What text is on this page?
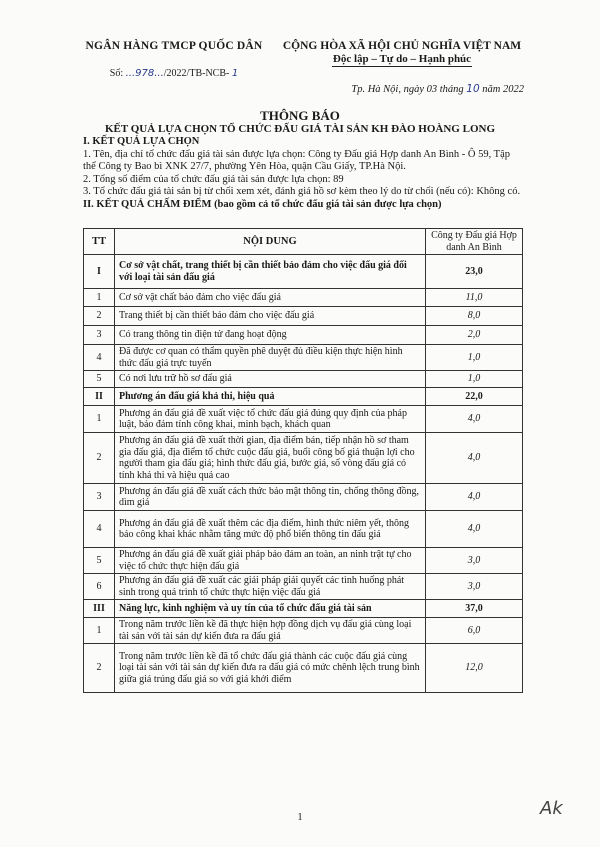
NGÂN HÀNG TMCP QUỐC DÂN
Số: ...978.../2022/TB-NCB- 1
CỘNG HÒA XÃ HỘI CHỦ NGHĨA VIỆT NAM
Độc lập – Tự do – Hạnh phúc
Tp. Hà Nội, ngày 03 tháng 10 năm 2022
THÔNG BÁO
KẾT QUẢ LỰA CHỌN TỔ CHỨC ĐẤU GIÁ TÀI SẢN KH ĐÀO HOÀNG LONG

I. KẾT QUẢ LỰA CHỌN

1. Tên, địa chỉ tổ chức đấu giá tài sản được lựa chọn: Công ty Đấu giá Hợp danh An Bình - Ô 59, Tập thể Công ty Bao bì XNK 27/7, phường Yên Hòa, quận Cầu Giấy, TP.Hà Nội.

2. Tổng số điểm của tổ chức đấu giá tài sản được lựa chọn: 89

3. Tổ chức đấu giá tài sản bị từ chối xem xét, đánh giá hồ sơ kèm theo lý do từ chối (nếu có): Không có.

II. KẾT QUẢ CHẤM ĐIỂM (bao gồm cả tổ chức đấu giá tài sản được lựa chọn)

TT	NỘI DUNG	Công ty Đấu giá Hợp danh An Bình
I	Cơ sở vật chất, trang thiết bị cần thiết bảo đảm cho việc đấu giá đối với loại tài sản đấu giá	23,0
1	Cơ sở vật chất bảo đảm cho việc đấu giá	11,0
2	Trang thiết bị cần thiết bảo đảm cho việc đấu giá	8,0
3	Có trang thông tin điện tử đang hoạt động	2,0
4	Đã được cơ quan có thẩm quyền phê duyệt đủ điều kiện thực hiện hình thức đấu giá trực tuyến	1,0
5	Có nơi lưu trữ hồ sơ đấu giá	1,0
II	Phương án đấu giá khả thi, hiệu quả	22,0
1	Phương án đấu giá đề xuất việc tổ chức đấu giá đúng quy định của pháp luật, bảo đảm tính công khai, minh bạch, khách quan	4,0
2	Phương án đấu giá đề xuất thời gian, địa điểm bán, tiếp nhận hồ sơ tham gia đấu giá, địa điểm tổ chức cuộc đấu giá, buổi công bố giá thuận lợi cho người tham gia đấu giá; hình thức đấu giá, bước giá, số vòng đấu giá có tính khả thi và hiệu quả cao	4,0
3	Phương án đấu giá đề xuất cách thức bảo mật thông tin, chống thông đồng, dìm giá	4,0
4	Phương án đấu giá đề xuất thêm các địa điểm, hình thức niêm yết, thông báo công khai khác nhằm tăng mức độ phổ biến thông tin đấu giá	4,0
5	Phương án đấu giá đề xuất giải pháp bảo đảm an toàn, an ninh trật tự cho việc tổ chức thực hiện đấu giá	3,0
6	Phương án đấu giá đề xuất các giải pháp giải quyết các tình huống phát sinh trong quá trình tổ chức thực hiện việc đấu giá	3,0
III	Năng lực, kinh nghiệm và uy tín của tổ chức đấu giá tài sản	37,0
1	Trong năm trước liền kề đã thực hiện hợp đồng dịch vụ đấu giá cùng loại tài sản với tài sản dự kiến đưa ra đấu giá	6,0
2	Trong năm trước liền kề đã tổ chức đấu giá thành các cuộc đấu giá cùng loại tài sản với tài sản dự kiến đưa ra đấu giá có mức chênh lệch trung bình giữa giá trúng đấu giá so với giá khởi điểm	12,0
1	Ak
